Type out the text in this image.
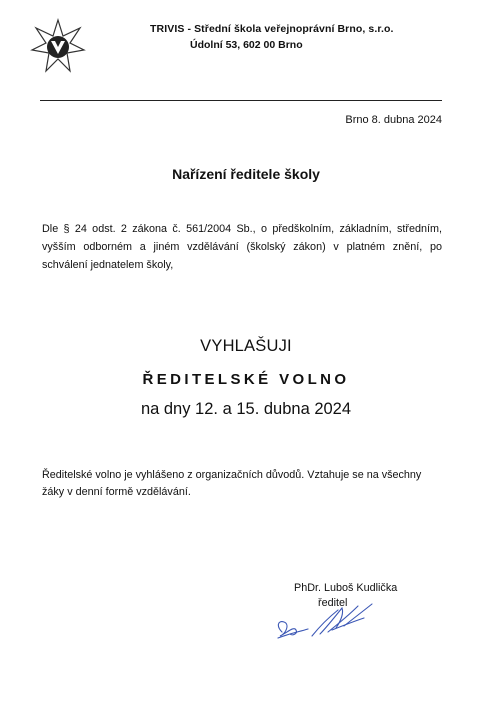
TRIVIS - Střední škola veřejnoprávní Brno, s.r.o.
Údolní 53, 602 00 Brno
Brno 8. dubna 2024
Nařízení ředitele školy
Dle § 24 odst. 2 zákona č. 561/2004 Sb., o předškolním, základním, středním,
vyšším odborném a jiném vzdělávání (školský zákon) v platném znění, po
schválení jednatelem školy,
VYHLAŠUJI
ŘEDITELSKÉ VOLNO
na dny 12. a 15. dubna 2024
Ředitelské volno je vyhlášeno z organizačních důvodů. Vztahuje se na všechny
žáky v denní formě vzdělávání.
PhDr. Luboš Kudlička
ředitel
